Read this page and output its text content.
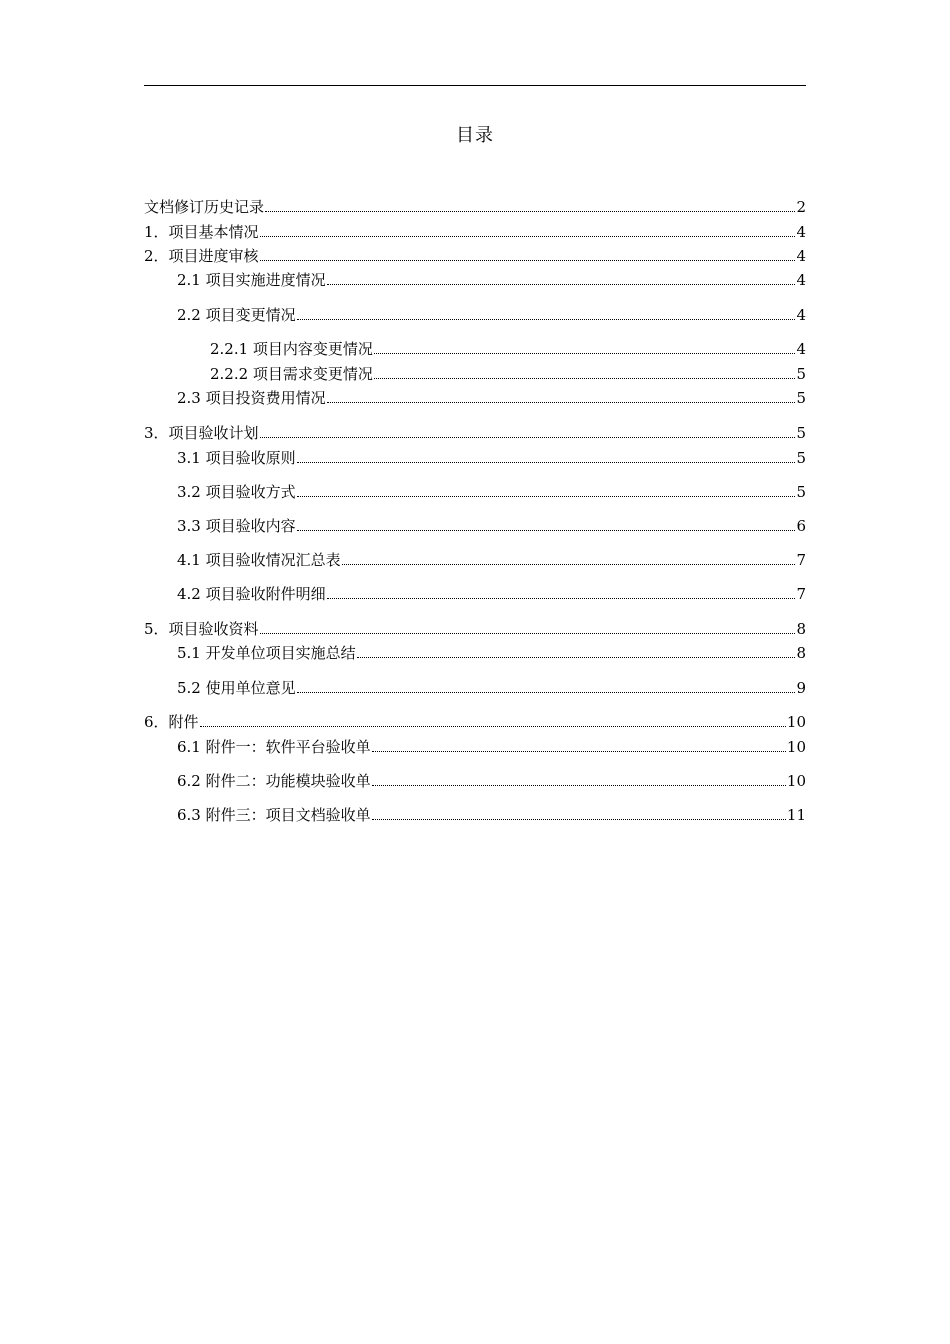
目录
文档修订历史记录	2
1．项目基本情况	4
2．项目进度审核	4
2.1 项目实施进度情况	4
2.2 项目变更情况	4
2.2.1 项目内容变更情况	4
2.2.2 项目需求变更情况	5
2.3 项目投资费用情况	5
3．项目验收计划	5
3.1 项目验收原则	5
3.2 项目验收方式	5
3.3 项目验收内容	6
4.1 项目验收情况汇总表	7
4.2 项目验收附件明细	7
5．项目验收资料	8
5.1 开发单位项目实施总结	8
5.2 使用单位意见	9
6．附件	10
6.1 附件一：软件平台验收单	10
6.2 附件二：功能模块验收单	10
6.3 附件三：项目文档验收单	11
